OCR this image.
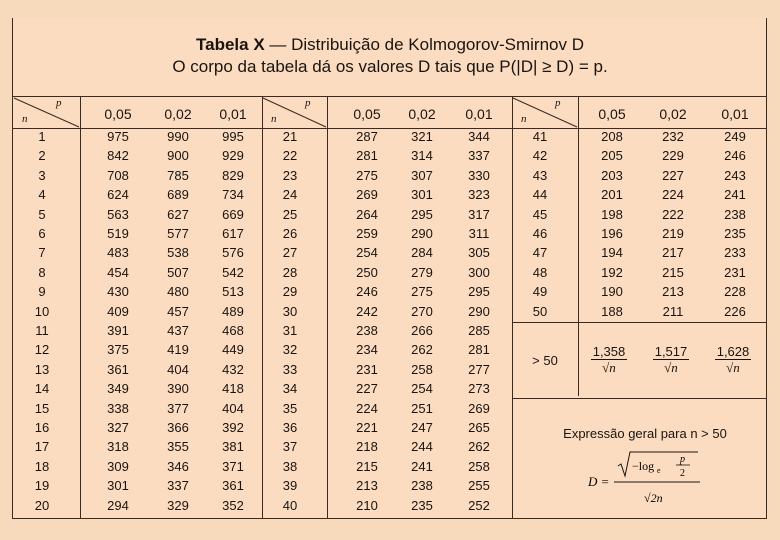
Tabela X — Distribuição de Kolmogorov-Smirnov D
O corpo da tabela dá os valores D tais que P(|D| ≥ D) = p.
p
n	0,05	0,02	0,01
p
n	0,05	0,02	0,01
p
n	0,05	0,02	0,01
1	975	990	995
2	842	900	929
3	708	785	829
4	624	689	734
5	563	627	669
6	519	577	617
7	483	538	576
8	454	507	542
9	430	480	513
10	409	457	489
11	391	437	468
12	375	419	449
13	361	404	432
14	349	390	418
15	338	377	404
16	327	366	392
17	318	355	381
18	309	346	371
19	301	337	361
20	294	329	352
21	287	321	344
22	281	314	337
23	275	307	330
24	269	301	323
25	264	295	317
26	259	290	311
27	254	284	305
28	250	279	300
29	246	275	295
30	242	270	290
31	238	266	285
32	234	262	281
33	231	258	277
34	227	254	273
35	224	251	269
36	221	247	265
37	218	244	262
38	215	241	258
39	213	238	255
40	210	235	252
41	208	232	249
42	205	229	246
43	203	227	243
44	201	224	241
45	198	222	238
46	196	219	235
47	194	217	233
48	192	215	231
49	190	213	228
50	188	211	226
> 50	$\frac{1,358}{√n} \frac{1,517}{√n} \frac{1,628}{√n}$
Expressão geral para n > 50
D =
−log e
p
2
√2n
